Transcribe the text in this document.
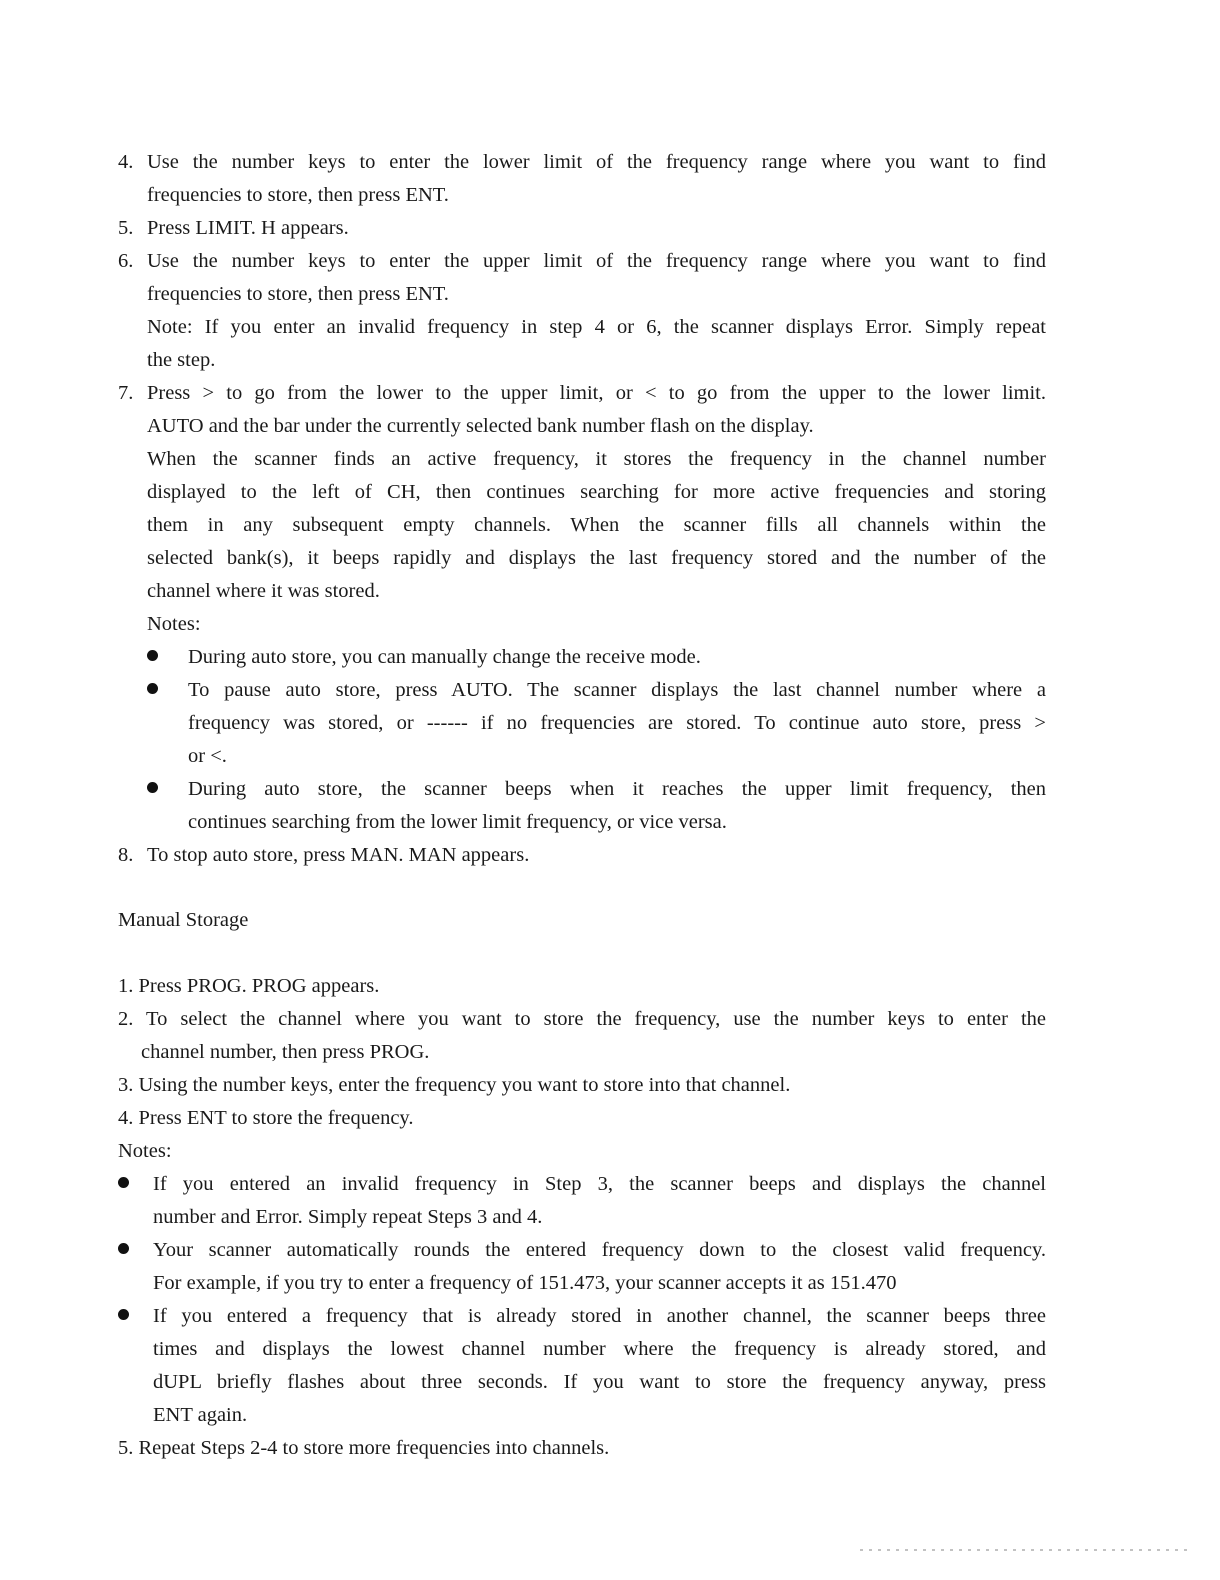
4. Use the number keys to enter the lower limit of the frequency range where you want to find
frequencies to store, then press ENT.
5. Press LIMIT. H appears.
6. Use the number keys to enter the upper limit of the frequency range where you want to find
frequencies to store, then press ENT.
Note: If you enter an invalid frequency in step 4 or 6, the scanner displays Error. Simply repeat
the step.
7. Press > to go from the lower to the upper limit, or < to go from the upper to the lower limit.
AUTO and the bar under the currently selected bank number flash on the display.
When the scanner finds an active frequency, it stores the frequency in the channel number
displayed to the left of CH, then continues searching for more active frequencies and storing
them in any subsequent empty channels. When the scanner fills all channels within the
selected bank(s), it beeps rapidly and displays the last frequency stored and the number of the
channel where it was stored.
Notes:
During auto store, you can manually change the receive mode.
To pause auto store, press AUTO. The scanner displays the last channel number where a
frequency was stored, or ------ if no frequencies are stored. To continue auto store, press >
or <.
During auto store, the scanner beeps when it reaches the upper limit frequency, then
continues searching from the lower limit frequency, or vice versa.
8. To stop auto store, press MAN. MAN appears.
Manual Storage
1. Press PROG. PROG appears.
2. To select the channel where you want to store the frequency, use the number keys to enter the
channel number, then press PROG.
3. Using the number keys, enter the frequency you want to store into that channel.
4. Press ENT to store the frequency.
Notes:
If you entered an invalid frequency in Step 3, the scanner beeps and displays the channel
number and Error. Simply repeat Steps 3 and 4.
Your scanner automatically rounds the entered frequency down to the closest valid frequency.
For example, if you try to enter a frequency of 151.473, your scanner accepts it as 151.470
If you entered a frequency that is already stored in another channel, the scanner beeps three
times and displays the lowest channel number where the frequency is already stored, and
dUPL briefly flashes about three seconds. If you want to store the frequency anyway, press
ENT again.
5. Repeat Steps 2-4 to store more frequencies into channels.
